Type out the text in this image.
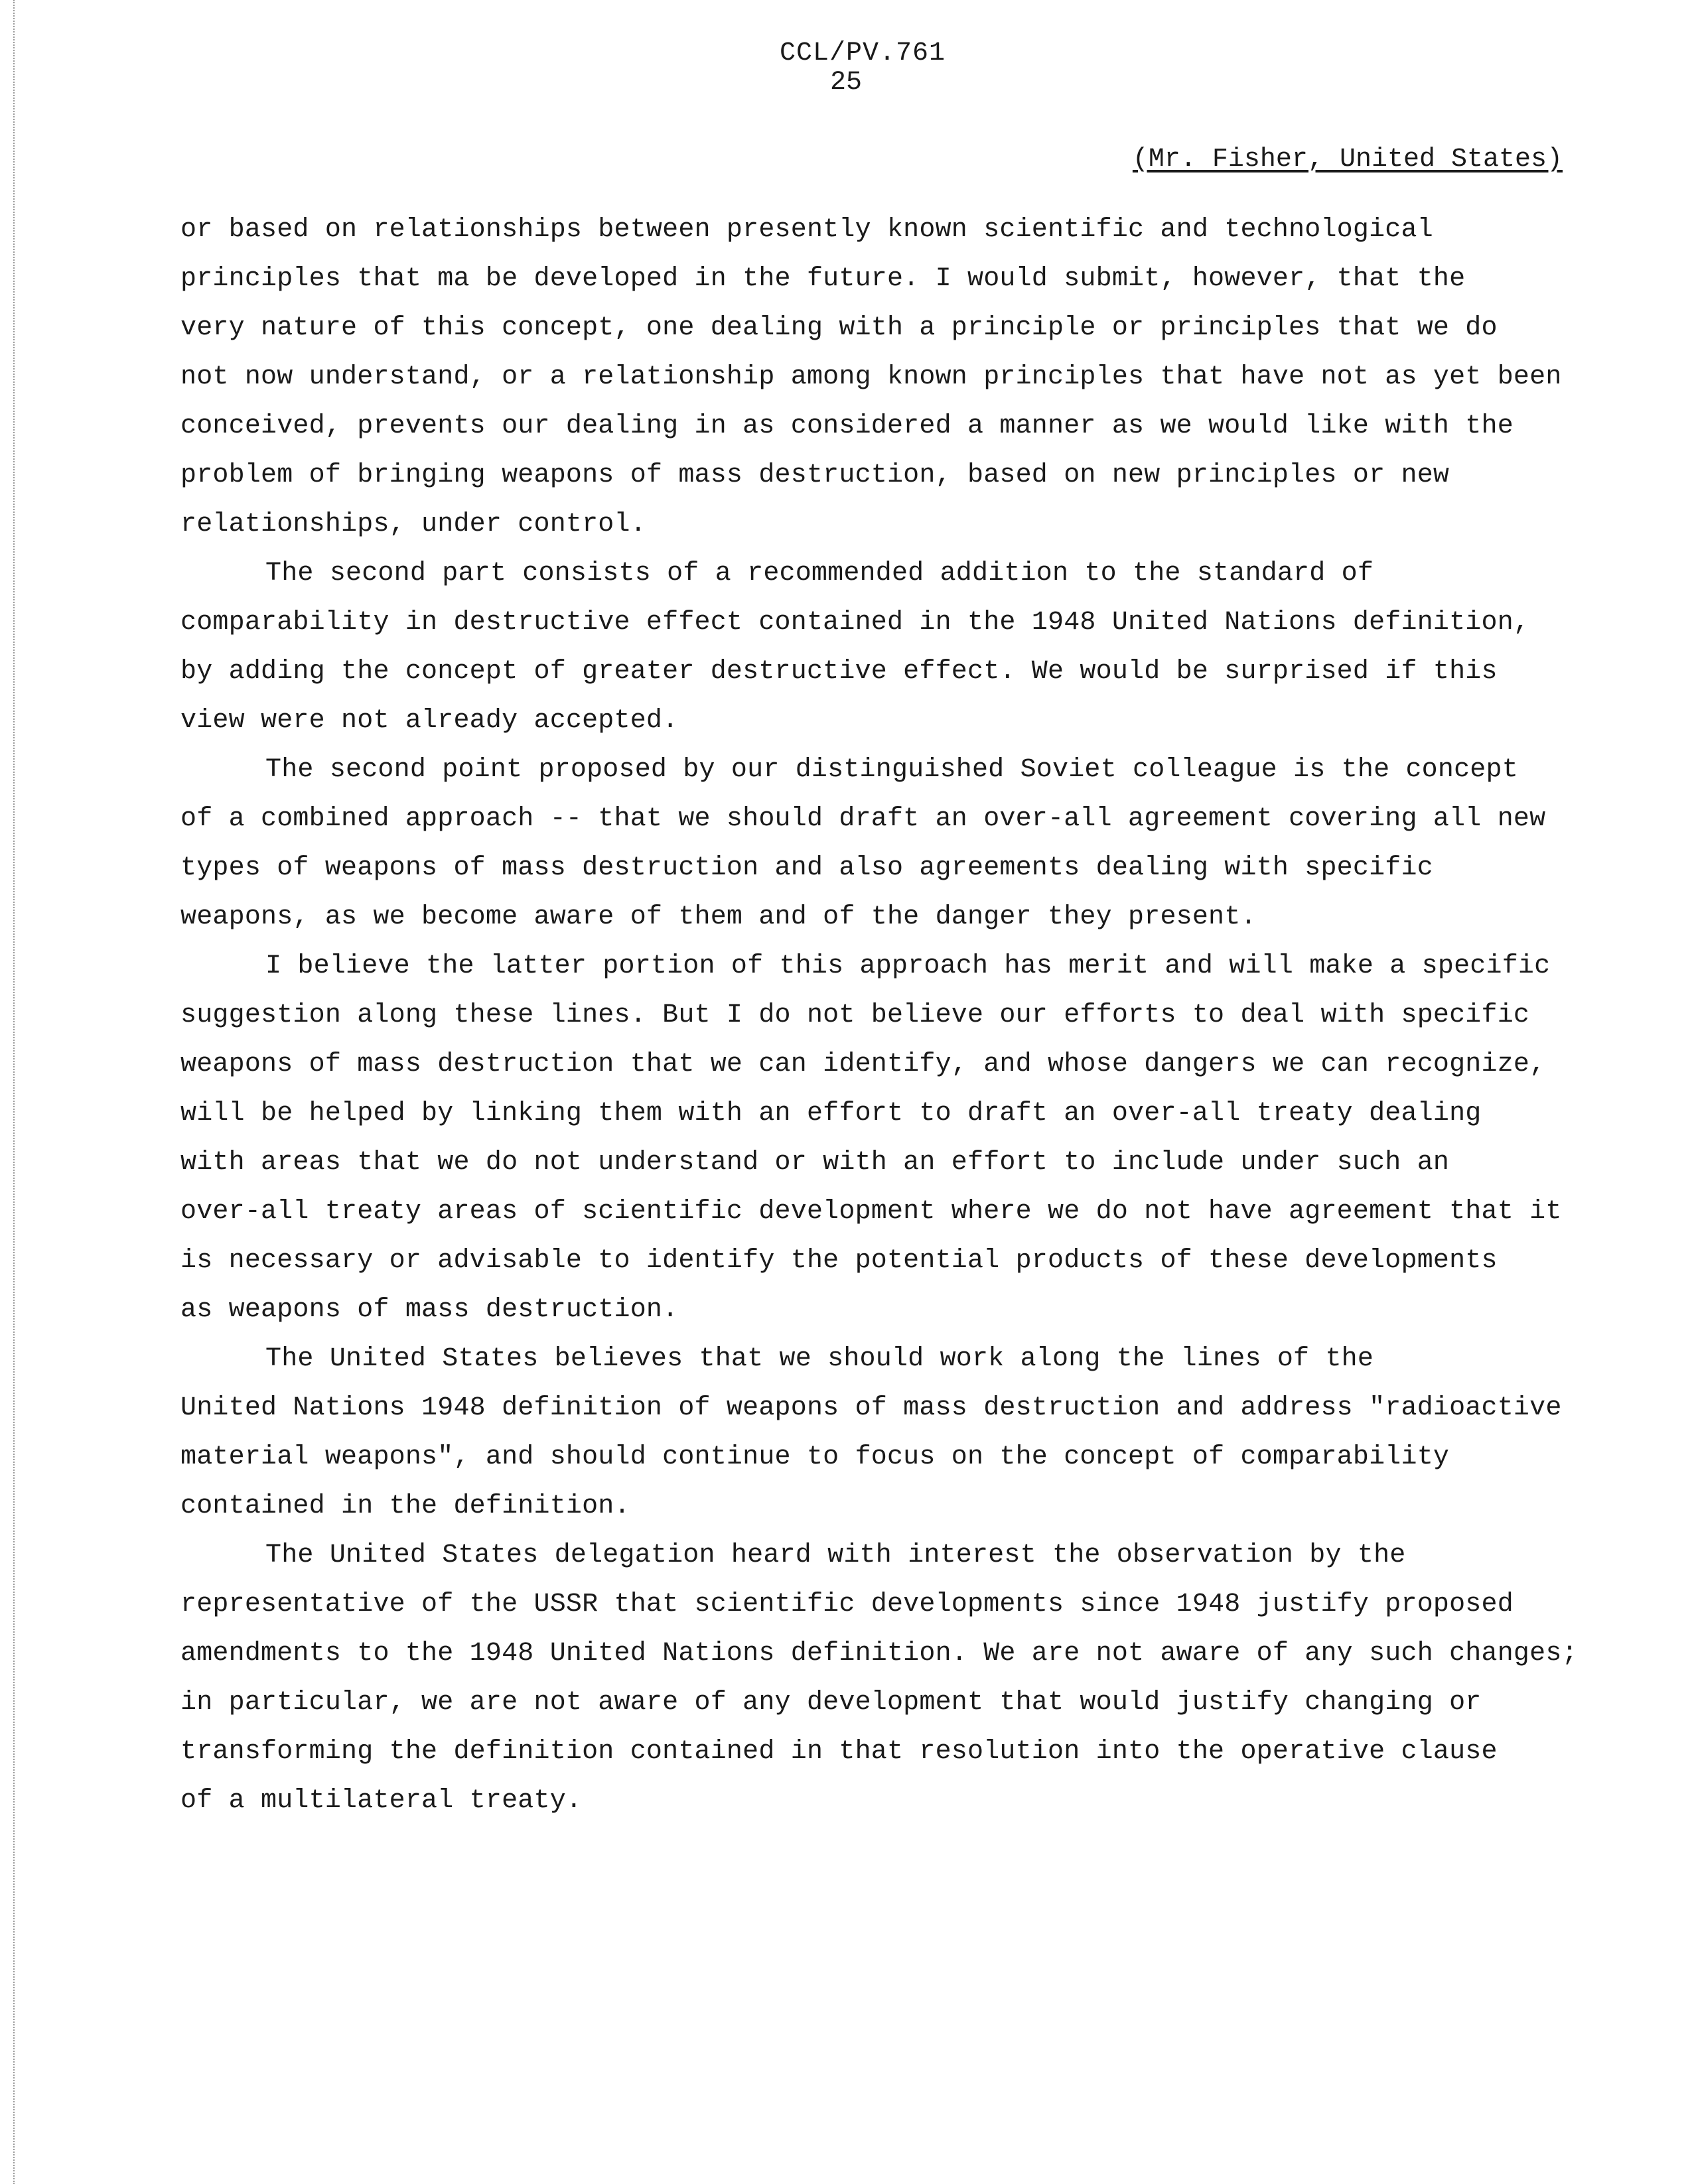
CCL/PV.761
25
(Mr. Fisher, United States)
or based on relationships between presently known scientific and technological
principles that ma be developed in the future. I would submit, however, that the
very nature of this concept, one dealing with a principle or principles that we do
not now understand, or a relationship among known principles that have not as yet been
conceived, prevents our dealing in as considered a manner as we would like with the
problem of bringing weapons of mass destruction, based on new principles or new
relationships, under control.
The second part consists of a recommended addition to the standard of
comparability in destructive effect contained in the 1948 United Nations definition,
by adding the concept of greater destructive effect. We would be surprised if this
view were not already accepted.
The second point proposed by our distinguished Soviet colleague is the concept
of a combined approach -- that we should draft an over-all agreement covering all new
types of weapons of mass destruction and also agreements dealing with specific
weapons, as we become aware of them and of the danger they present.
I believe the latter portion of this approach has merit and will make a specific
suggestion along these lines. But I do not believe our efforts to deal with specific
weapons of mass destruction that we can identify, and whose dangers we can recognize,
will be helped by linking them with an effort to draft an over-all treaty dealing
with areas that we do not understand or with an effort to include under such an
over-all treaty areas of scientific development where we do not have agreement that it
is necessary or advisable to identify the potential products of these developments
as weapons of mass destruction.
The United States believes that we should work along the lines of the
United Nations 1948 definition of weapons of mass destruction and address "radioactive
material weapons", and should continue to focus on the concept of comparability
contained in the definition.
The United States delegation heard with interest the observation by the
representative of the USSR that scientific developments since 1948 justify proposed
amendments to the 1948 United Nations definition. We are not aware of any such changes;
in particular, we are not aware of any development that would justify changing or
transforming the definition contained in that resolution into the operative clause
of a multilateral treaty.
